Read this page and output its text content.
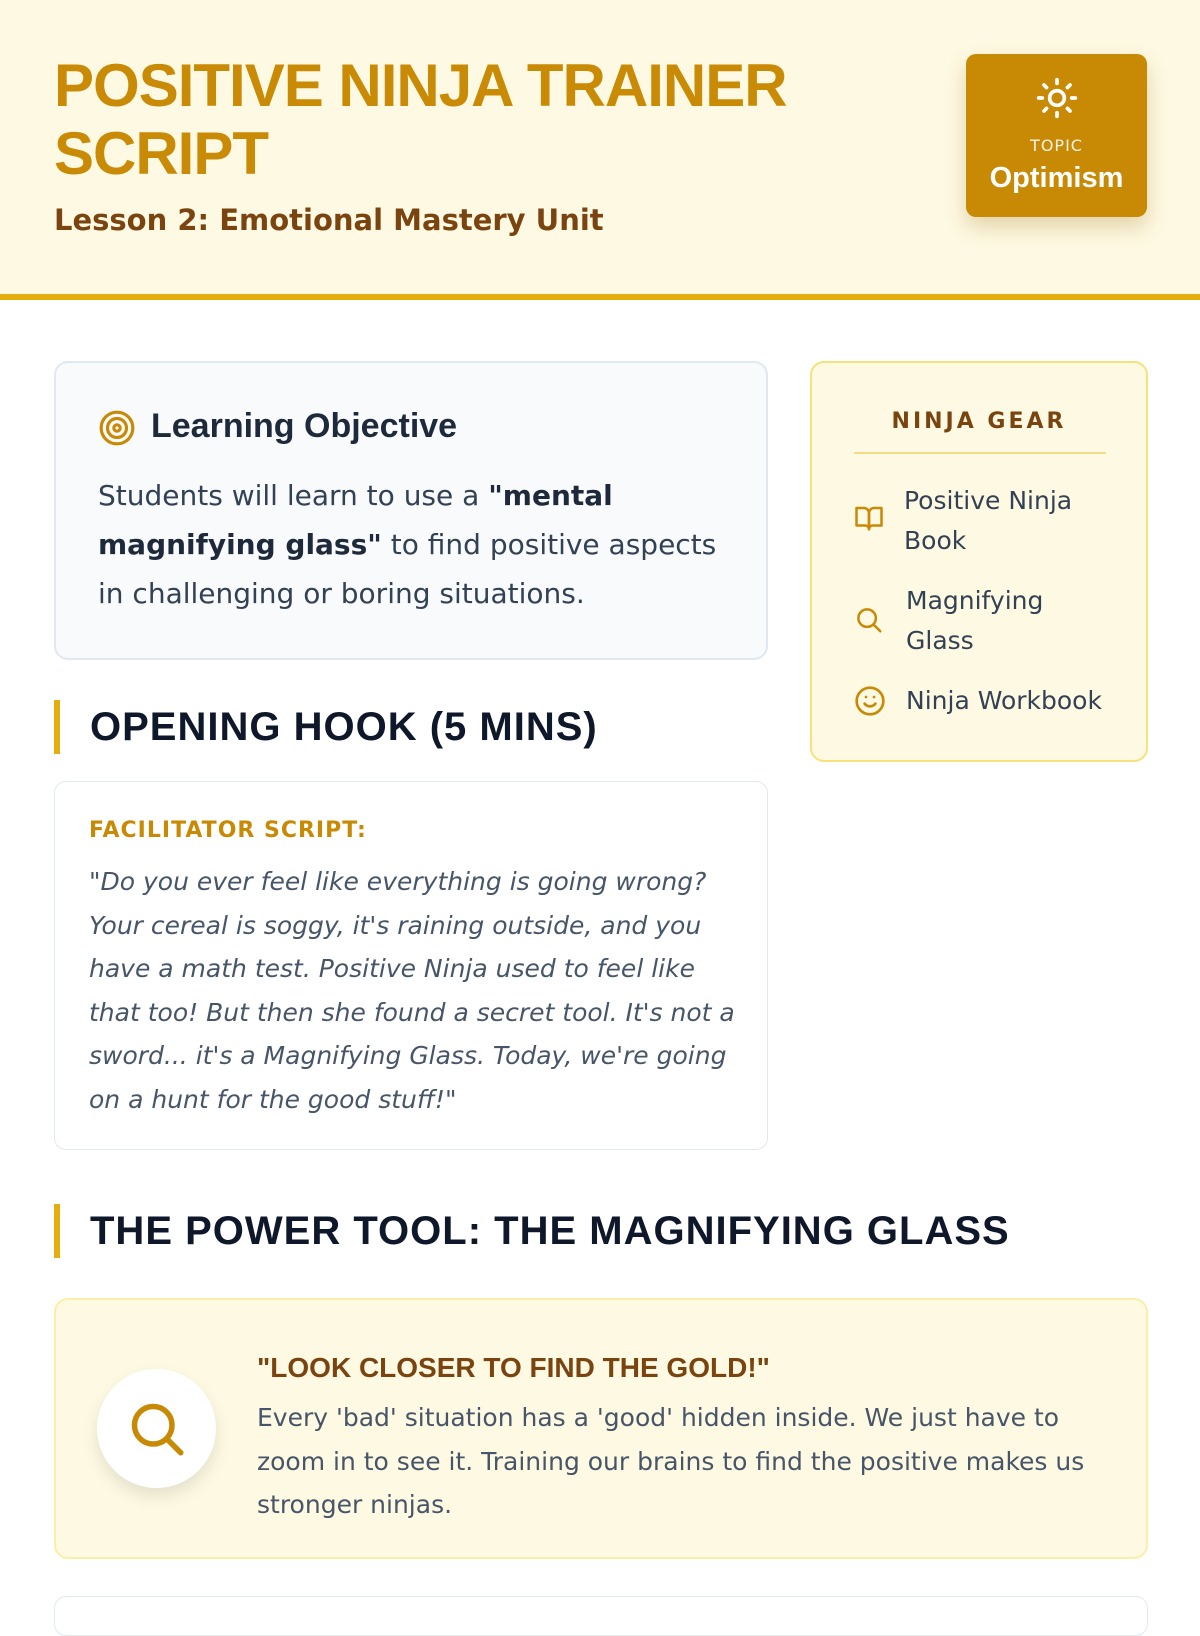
POSITIVE NINJA TRAINER SCRIPT

Lesson 2: Emotional Mastery Unit

TOPIC
Optimism
Learning Objective

Students will learn to use a "mental magnifying glass" to find positive aspects in challenging or boring situations.

NINJA GEAR
Positive Ninja Book
Magnifying Glass
Ninja Workbook
OPENING HOOK (5 MINS)

FACILITATOR SCRIPT:

"Do you ever feel like everything is going wrong? Your cereal is soggy, it's raining outside, and you have a math test. Positive Ninja used to feel like that too! But then she found a secret tool. It's not a sword... it's a Magnifying Glass. Today, we're going on a hunt for the good stuff!"

THE POWER TOOL: THE MAGNIFYING GLASS
"LOOK CLOSER TO FIND THE GOLD!"

Every 'bad' situation has a 'good' hidden inside. We just have to zoom in to see it. Training our brains to find the positive makes us stronger ninjas.
